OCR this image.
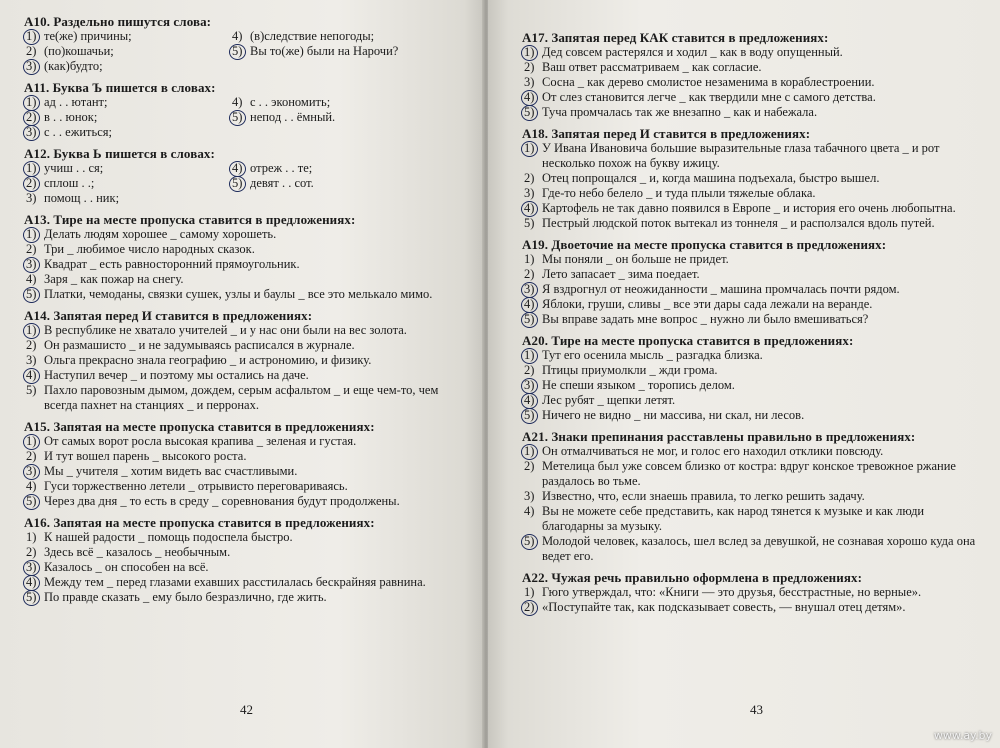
А10. Раздельно пишутся слова:
1) те(же) причины;	4) (в)следствие непогоды;
2) (по)кошачьи;	5) Вы то(же) были на Нарочи?
3) (как)будто;
А11. Буква Ъ пишется в словах:
1) ад . . ютант;	4) с . . экономить;
2) в . . юнок;	5) непод . . ёмный.
3) с . . ежиться;
А12. Буква Ь пишется в словах:
1) учиш . . ся;	4) отреж . . те;
2) сплош . .;	5) девят . . сот.
3) помощ . . ник;
А13. Тире на месте пропуска ставится в предложениях:
1) Делать людям хорошее _ самому хорошеть.
2) Три _ любимое число народных сказок.
3) Квадрат _ есть равносторонний прямоугольник.
4) Заря _ как пожар на снегу.
5) Платки, чемоданы, связки сушек, узлы и баулы _ все это мелькало мимо.
А14. Запятая перед И ставится в предложениях:
1) В республике не хватало учителей _ и у нас они были на вес золота.
2) Он размашисто _ и не задумываясь расписался в журнале.
3) Ольга прекрасно знала географию _ и астрономию, и физику.
4) Наступил вечер _ и поэтому мы остались на даче.
5) Пахло паровозным дымом, дождем, серым асфальтом _ и еще чем-то, чем всегда пахнет на станциях _ и перронах.
А15. Запятая на месте пропуска ставится в предложениях:
1) От самых ворот росла высокая крапива _ зеленая и густая.
2) И тут вошел парень _ высокого роста.
3) Мы _ учителя _ хотим видеть вас счастливыми.
4) Гуси торжественно летели _ отрывисто переговариваясь.
5) Через два дня _ то есть в среду _ соревнования будут продолжены.
А16. Запятая на месте пропуска ставится в предложениях:
1) К нашей радости _ помощь подоспела быстро.
2) Здесь всё _ казалось _ необычным.
3) Казалось _ он способен на всё.
4) Между тем _ перед глазами ехавших расстилалась бескрайняя равнина.
5) По правде сказать _ ему было безразлично, где жить.
42
А17. Запятая перед КАК ставится в предложениях:
1) Дед совсем растерялся и ходил _ как в воду опущенный.
2) Ваш ответ рассматриваем _ как согласие.
3) Сосна _ как дерево смолистое незаменима в кораблестроении.
4) От слез становится легче _ как твердили мне с самого детства.
5) Туча промчалась так же внезапно _ как и набежала.
А18. Запятая перед И ставится в предложениях:
1) У Ивана Ивановича большие выразительные глаза табачного цвета _ и рот несколько похож на букву ижицу.
2) Отец попрощался _ и, когда машина подъехала, быстро вышел.
3) Где-то небо белело _ и туда плыли тяжелые облака.
4) Картофель не так давно появился в Европе _ и история его очень любопытна.
5) Пестрый людской поток вытекал из тоннеля _ и расползался вдоль путей.
А19. Двоеточие на месте пропуска ставится в предложениях:
1) Мы поняли _ он больше не придет.
2) Лето запасает _ зима поедает.
3) Я вздрогнул от неожиданности _ машина промчалась почти рядом.
4) Яблоки, груши, сливы _ все эти дары сада лежали на веранде.
5) Вы вправе задать мне вопрос _ нужно ли было вмешиваться?
А20. Тире на месте пропуска ставится в предложениях:
1) Тут его осенила мысль _ разгадка близка.
2) Птицы приумолкли _ жди грома.
3) Не спеши языком _ торопись делом.
4) Лес рубят _ щепки летят.
5) Ничего не видно _ ни массива, ни скал, ни лесов.
А21. Знаки препинания расставлены правильно в предложениях:
1) Он отмалчиваться не мог, и голос его находил отклики повсюду.
2) Метелица был уже совсем близко от костра: вдруг конское тревожное ржание раздалось во тьме.
3) Известно, что, если знаешь правила, то легко решить задачу.
4) Вы не можете себе представить, как народ тянется к музыке и как люди благодарны за музыку.
5) Молодой человек, казалось, шел вслед за девушкой, не сознавая хорошо куда она ведет его.
А22. Чужая речь правильно оформлена в предложениях:
1) Гюго утверждал, что: «Книги — это друзья, бесстрастные, но верные».
2) «Поступайте так, как подсказывает совесть, — внушал отец детям».
43
www.ay.by
